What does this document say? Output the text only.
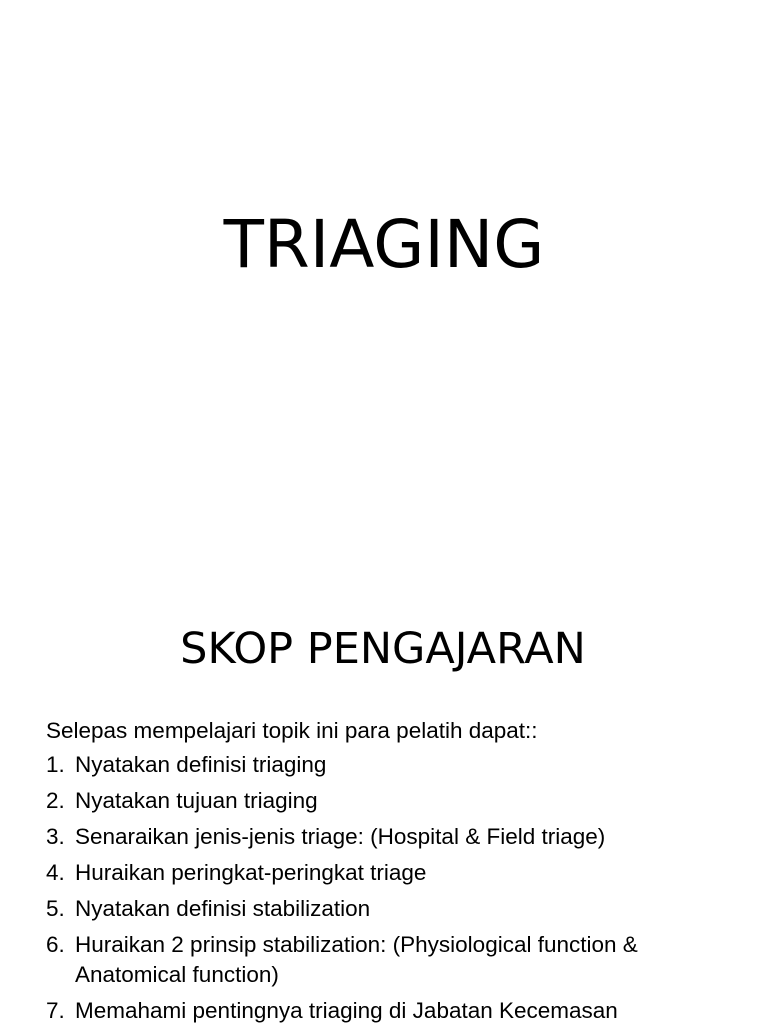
TRIAGING
SKOP PENGAJARAN

Selepas mempelajari topik ini para pelatih dapat::

1. Nyatakan definisi triaging
2. Nyatakan tujuan triaging
3. Senaraikan jenis-jenis triage: (Hospital & Field triage)
4. Huraikan peringkat-peringkat triage
5. Nyatakan definisi stabilization
6. Huraikan 2 prinsip stabilization: (Physiological function & Anatomical function)
7. Memahami pentingnya triaging di Jabatan Kecemasan
